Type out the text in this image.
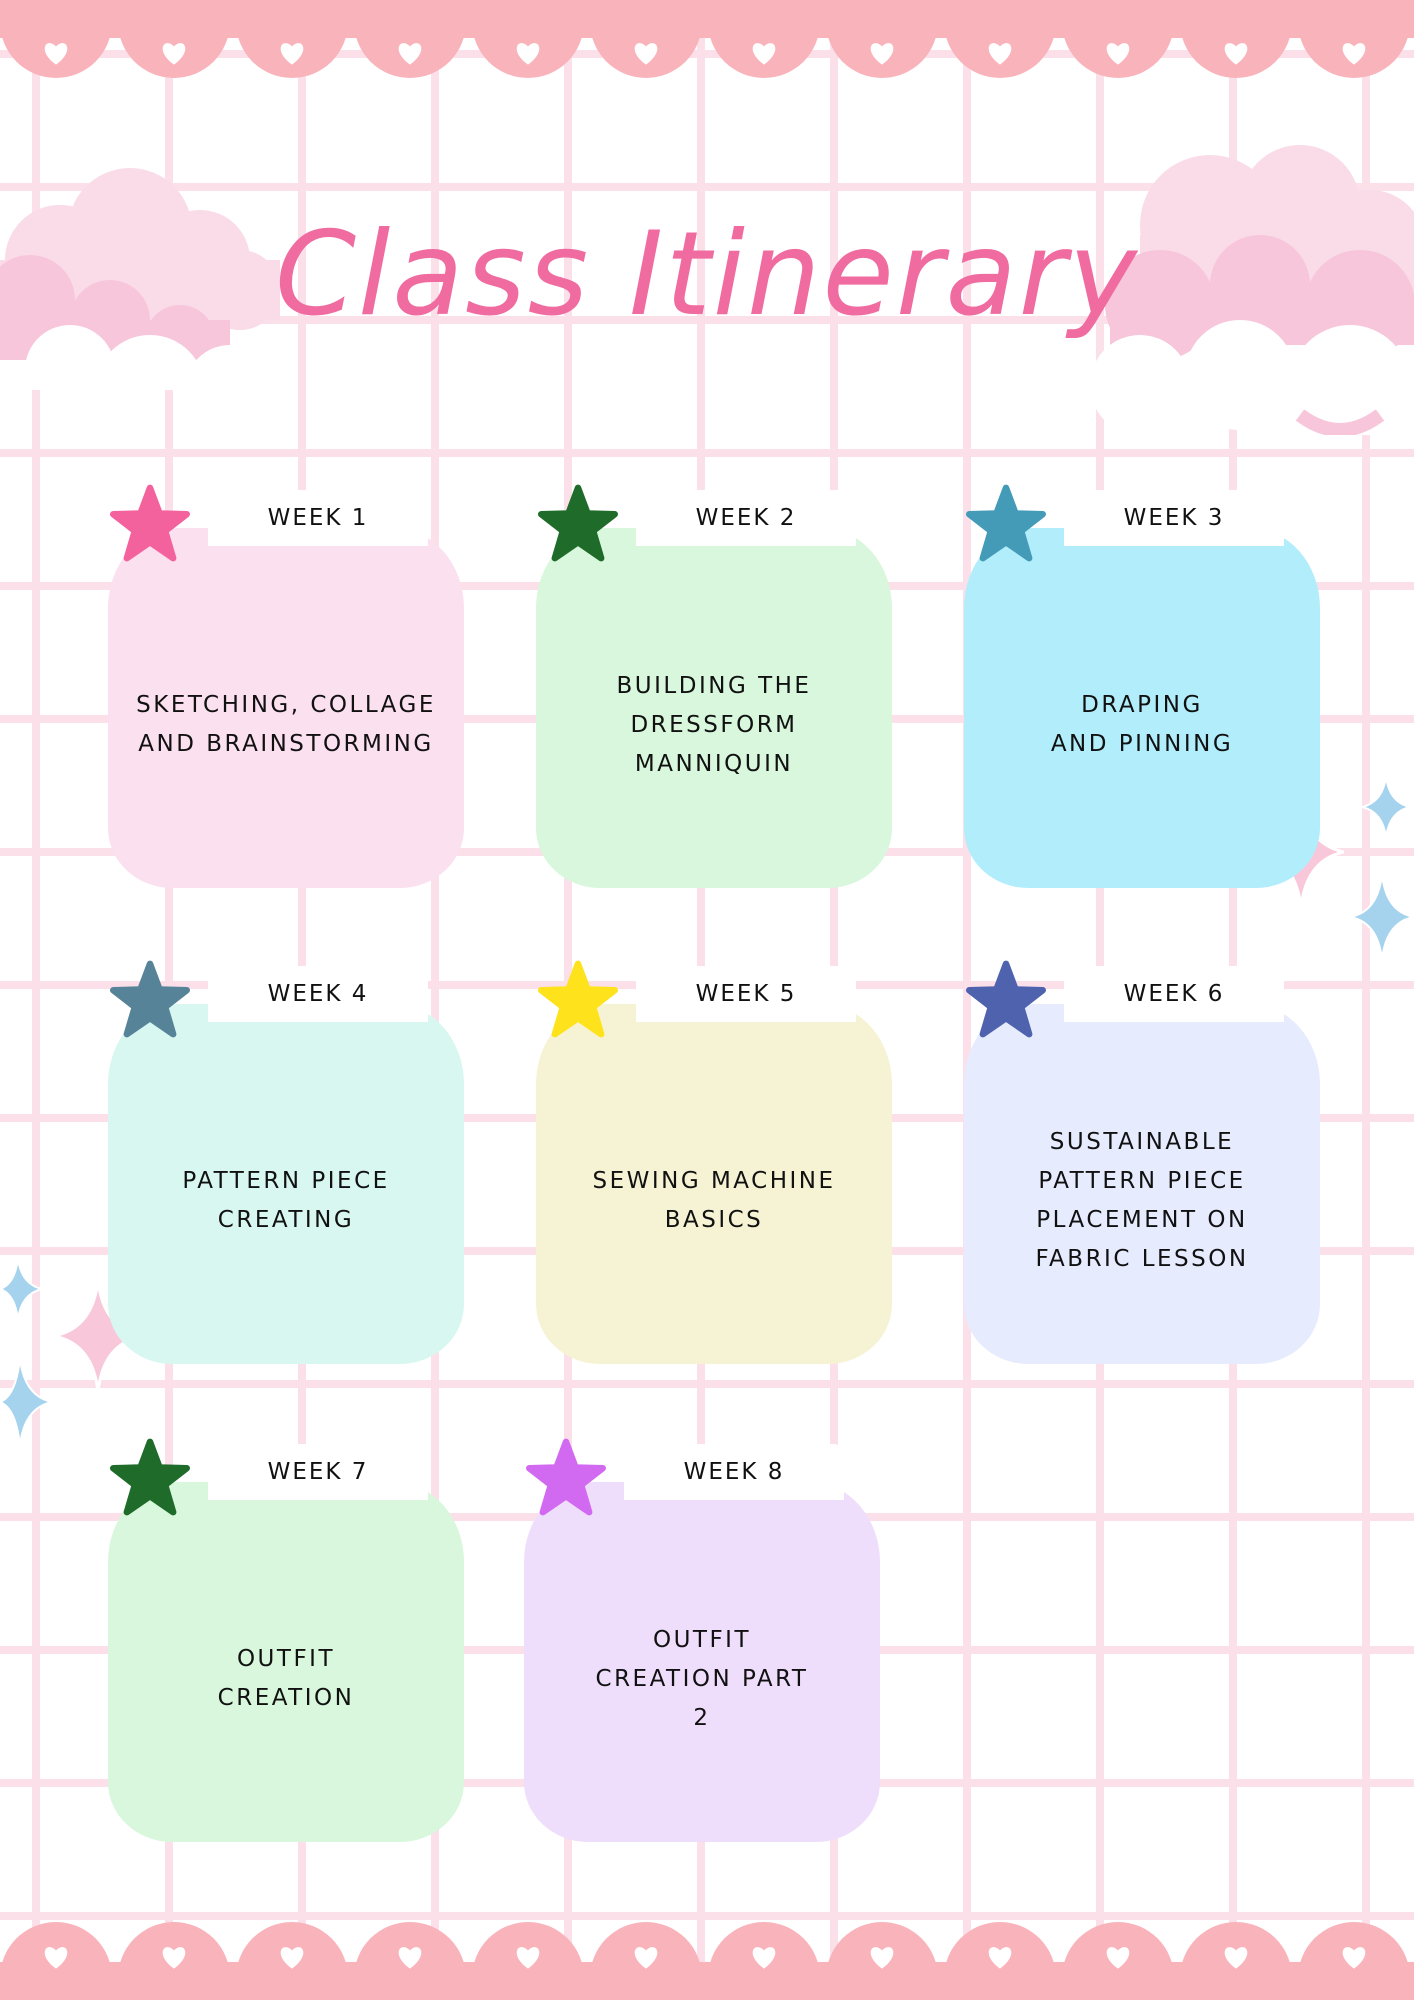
Class Itinerary
WEEK 1
SKETCHING, COLLAGE
AND BRAINSTORMING
WEEK 2
BUILDING THE
DRESSFORM
MANNIQUIN
WEEK 3
DRAPING
AND PINNING
WEEK 4
PATTERN PIECE
CREATING
WEEK 5
SEWING MACHINE
BASICS
WEEK 6
SUSTAINABLE
PATTERN PIECE
PLACEMENT ON
FABRIC LESSON
WEEK 7
OUTFIT
CREATION
WEEK 8
OUTFIT
CREATION PART
2
